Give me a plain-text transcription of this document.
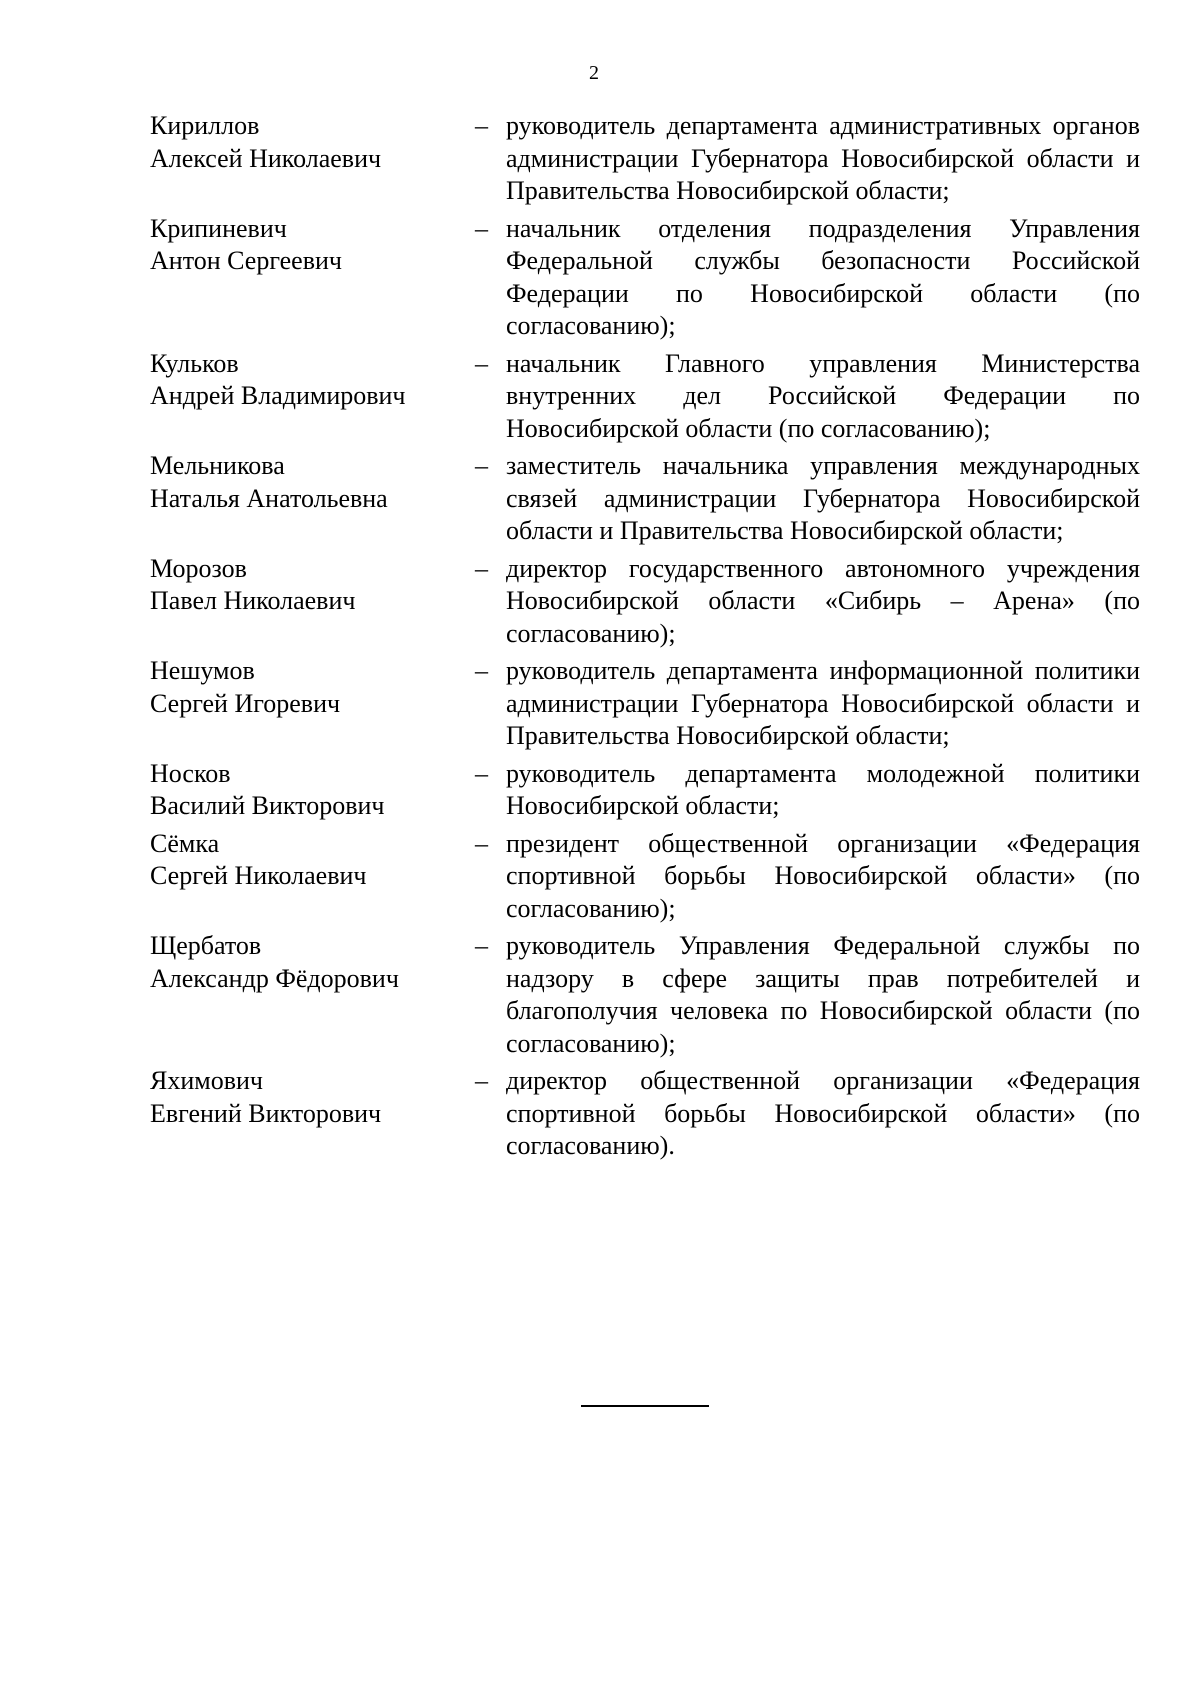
2
Кириллов
Алексей Николаевич
– руководитель департамента административных органов администрации Губернатора Новосибирской области и Правительства Новосибирской области;
Крипиневич
Антон Сергеевич
– начальник отделения подразделения Управления Федеральной службы безопасности Российской Федерации по Новосибирской области (по согласованию);
Кульков
Андрей Владимирович
– начальник Главного управления Министерства внутренних дел Российской Федерации по Новосибирской области (по согласованию);
Мельникова
Наталья Анатольевна
– заместитель начальника управления международных связей администрации Губернатора Новосибирской области и Правительства Новосибирской области;
Морозов
Павел Николаевич
– директор государственного автономного учреждения Новосибирской области «Сибирь – Арена» (по согласованию);
Нешумов
Сергей Игоревич
– руководитель департамента информационной политики администрации Губернатора Новосибирской области и Правительства Новосибирской области;
Носков
Василий Викторович
– руководитель департамента молодежной политики Новосибирской области;
Сёмка
Сергей Николаевич
– президент общественной организации «Федерация спортивной борьбы Новосибирской области» (по согласованию);
Щербатов
Александр Фёдорович
– руководитель Управления Федеральной службы по надзору в сфере защиты прав потребителей и благополучия человека по Новосибирской области (по согласованию);
Яхимович
Евгений Викторович
– директор общественной организации «Федерация спортивной борьбы Новосибирской области» (по согласованию).
